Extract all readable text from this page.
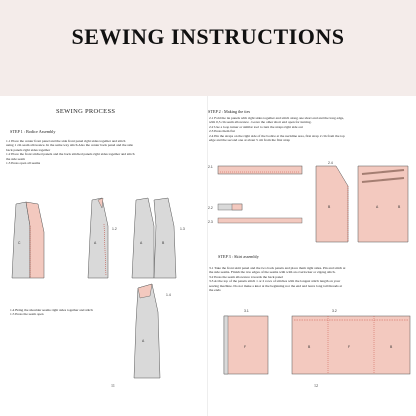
SEWING INSTRUCTIONS
SEWING PROCESS
STEP 1 : Bodice Assembly
1.1 Place the center front panel and the side front panel right sides together and stitch
using 1 cm seam allowance. In the same way stitch Also the center back panel and the side
back panels right sides together
1.2 Place the front stiched panels and the back stitched panels right sides together and stitch
the side seam
1.3 Press open all seams
C	A
1.2
A	B
1.3
1.4 Bring the shoulder seams right sides together and stitch
1.5 Press the seam open
A
1.4
11
STEP 2 : Making the ties
2.1 Fold the tie panels with right sides together and stitch along one short end and the long edge,
with 0,5 cm seam allowance . Leave the other short end open for turning.
2.2 Use a loop turner or similar tool to turn the straps right side out
2.3 Press them flat
2.4 Pin the straps on the right side of the bodice at the neckline area, first strap 2 cm from the top
edge and the second one at about 5 cm from the first strap
2.1
2.2
2.3
2.4
B	A	B
STEP 3 : Skirt assembly
3.1 Take the front skirt panel and the two back panels and place them right sides. Pin and stitch at
the side seams. Finish the raw edges of the seams with with an overlocker or zigzag stitch.
3.2 Press the seam allowance towards the back panel
3.3 At the top of the panels stitch 1 or 2 rows of stitches with the longest stitch length on your
sewing machine. Do not make a knot at the beginning nor the end and leave long tail threads at
the ends
3.1
F
3.2
B	F	B
12
